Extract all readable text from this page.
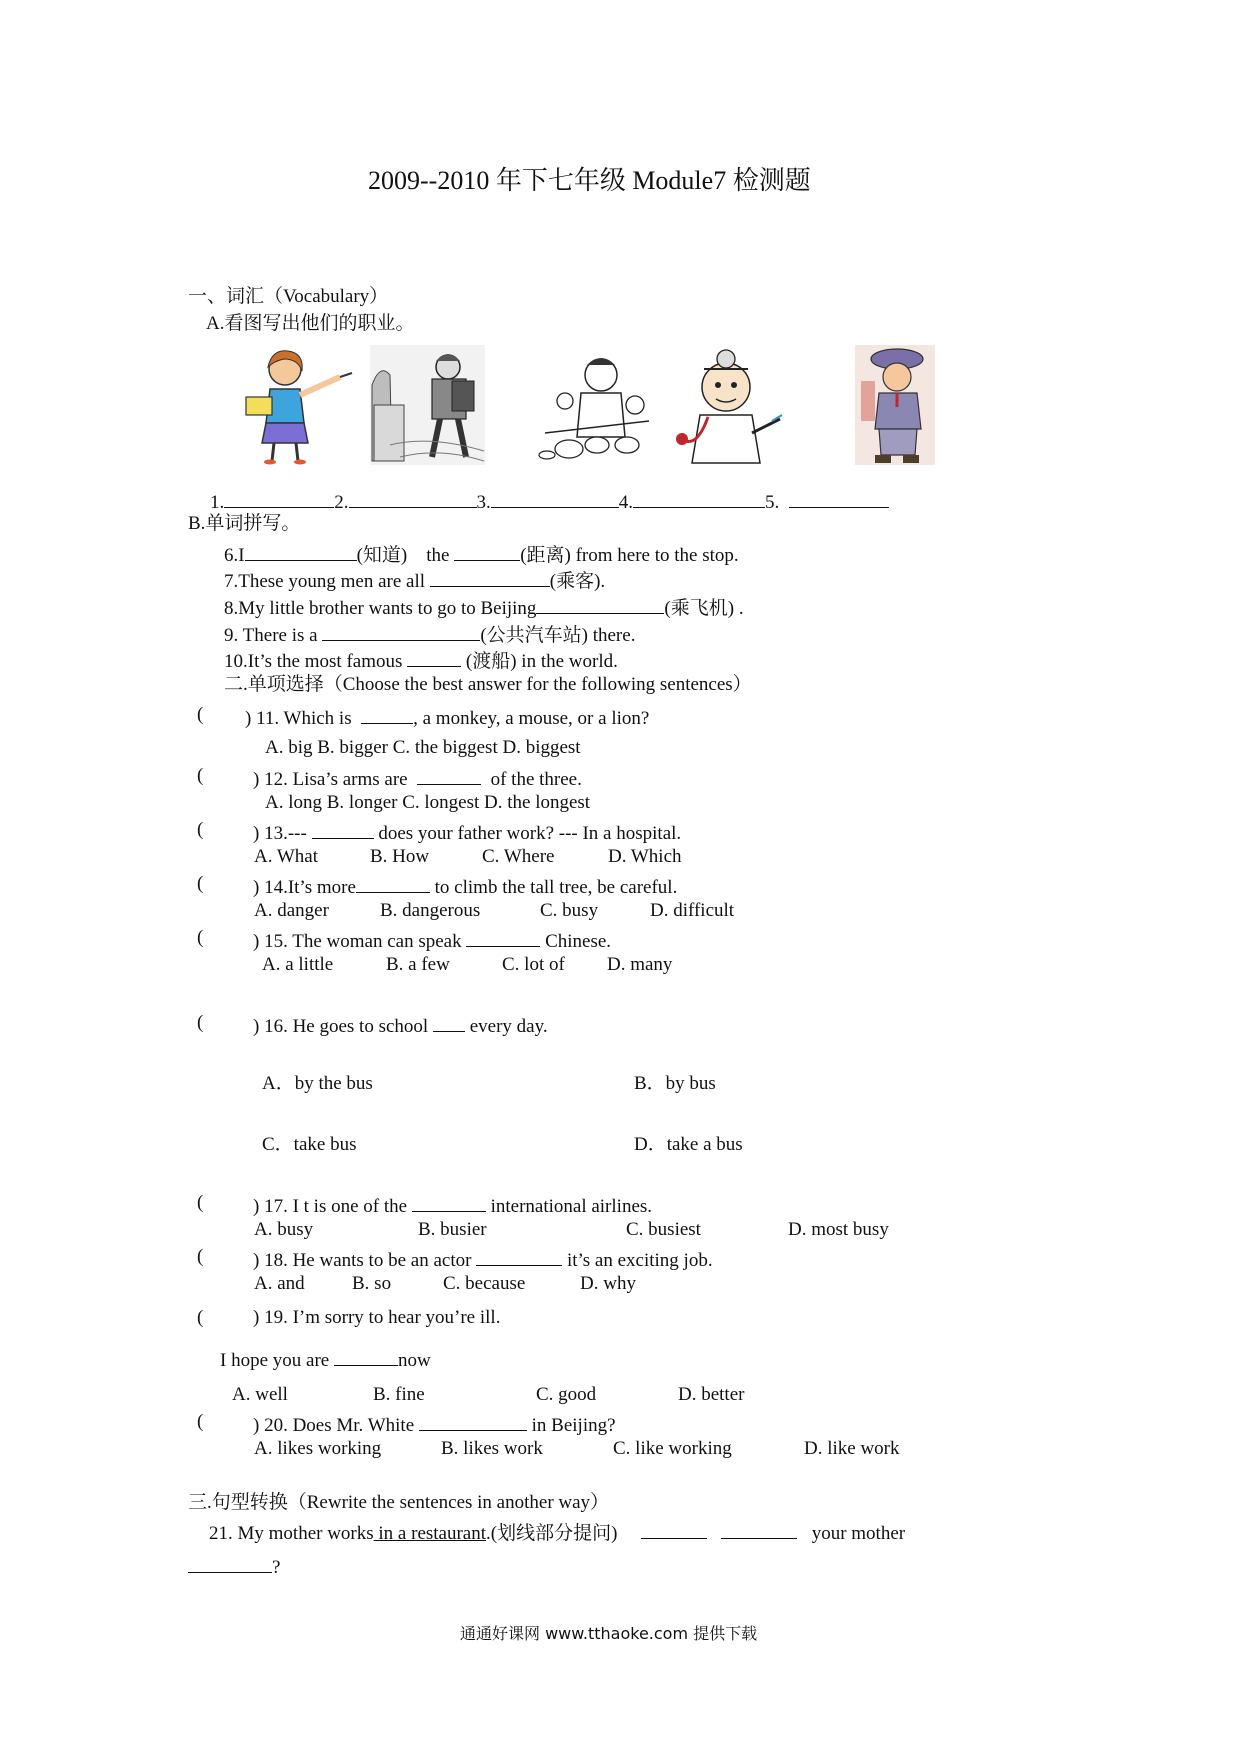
2009--2010 年下七年级 Module7 检测题
一、词汇（Vocabulary）
A.看图写出他们的职业。
1.	2.	3.	4.	5.
B.单词拼写。
6.I	(知道) the	(距离) from here to the stop.
7.These young men are all	(乘客).
8.My little brother wants to go to Beijing	(乘飞机) .
9. There is a	(公共汽车站) there.
10.It’s the most famous	(渡船) in the world.
二.单项选择（Choose the best answer for the following sentences）
( ) 11. Which is	, a monkey, a mouse, or a lion?
A. big B. bigger C. the biggest D. biggest
(	) 12. Lisa’s arms are	of the three.
A. long B. longer C. longest D. the longest
(	) 13.---	does your father work? --- In a hospital.
A. What	B. How	C. Where	D. Which
(	) 14.It’s more	to climb the tall tree, be careful.
A. danger	B. dangerous	C. busy	D. difficult
(	) 15. The woman can speak	Chinese.
A. a little	B. a few	C. lot of D. many
(	) 16. He goes to school every day.
A．by the bus	B．by bus
C．take bus	D．take a bus
(	) 17. I t is one of the	international airlines.
A. busy	B. busier	C. busiest	D. most busy
(	) 18. He wants to be an actor	it’s an exciting job.
A. and B. so	C. because	D. why
(	) 19. I’m sorry to hear you’re ill.
I hope you are	now
A. well	B. fine	C. good	D. better
(	) 20. Does Mr. White	in Beijing?
A. likes working	B. likes work	C. like working	D. like work
三.句型转换（Rewrite the sentences in another way）
21. My mother works in a restaurant.(划线部分提问)	your mother
?
通通好课网 www.tthaoke.com 提供下载
